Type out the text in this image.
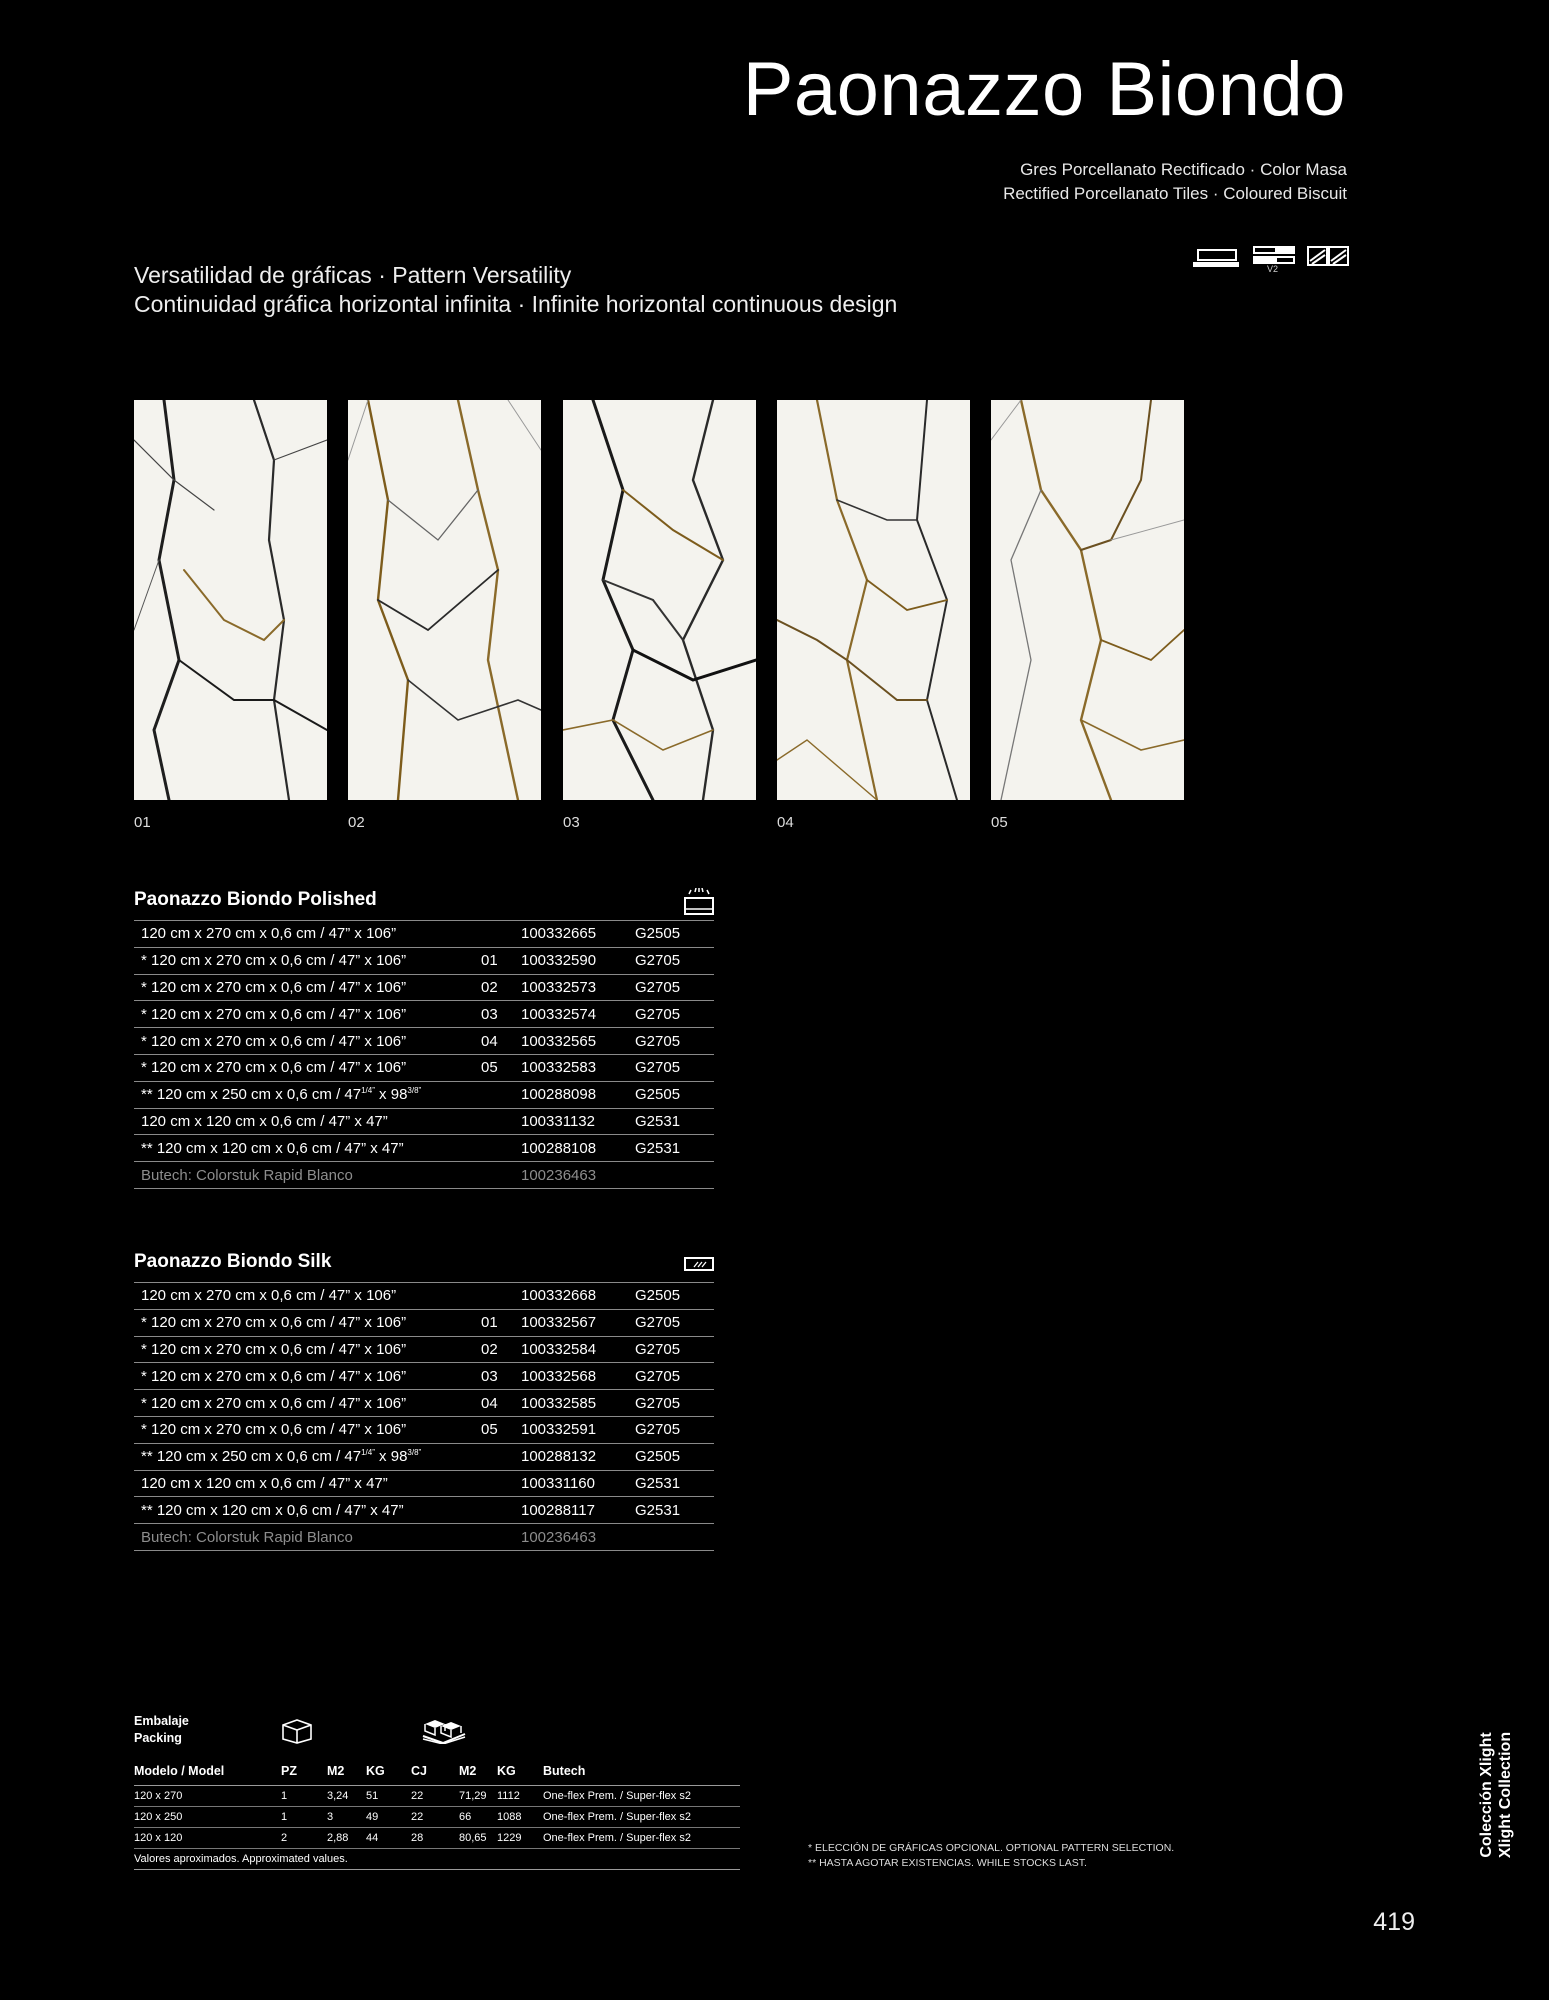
Paonazzo Biondo
Gres Porcellanato Rectificado · Color Masa
Rectified Porcellanato Tiles · Coloured Biscuit
V2
Versatilidad de gráficas · Pattern Versatility
Continuidad gráfica horizontal infinita · Infinite horizontal continuous design
01	02	03	04	05
Paonazzo Biondo Polished
120 cm x 270 cm x 0,6 cm / 47” x 106”		100332665	G2505
* 120 cm x 270 cm x 0,6 cm / 47” x 106”	01	100332590	G2705
* 120 cm x 270 cm x 0,6 cm / 47” x 106”	02	100332573	G2705
* 120 cm x 270 cm x 0,6 cm / 47” x 106”	03	100332574	G2705
* 120 cm x 270 cm x 0,6 cm / 47” x 106”	04	100332565	G2705
* 120 cm x 270 cm x 0,6 cm / 47” x 106”	05	100332583	G2705
** 120 cm x 250 cm x 0,6 cm / $47^{1/4”}$ x $98^{3/8”}$		100288098	G2505
120 cm x 120 cm x 0,6 cm / 47” x 47”		100331132	G2531
** 120 cm x 120 cm x 0,6 cm / 47” x 47”		100288108	G2531
Butech: Colorstuk Rapid Blanco		100236463	
Paonazzo Biondo Silk
120 cm x 270 cm x 0,6 cm / 47” x 106”		100332668	G2505
* 120 cm x 270 cm x 0,6 cm / 47” x 106”	01	100332567	G2705
* 120 cm x 270 cm x 0,6 cm / 47” x 106”	02	100332584	G2705
* 120 cm x 270 cm x 0,6 cm / 47” x 106”	03	100332568	G2705
* 120 cm x 270 cm x 0,6 cm / 47” x 106”	04	100332585	G2705
* 120 cm x 270 cm x 0,6 cm / 47” x 106”	05	100332591	G2705
** 120 cm x 250 cm x 0,6 cm / $47^{1/4”}$ x $98^{3/8”}$		100288132	G2505
120 cm x 120 cm x 0,6 cm / 47” x 47”		100331160	G2531
** 120 cm x 120 cm x 0,6 cm / 47” x 47”		100288117	G2531
Butech: Colorstuk Rapid Blanco		100236463	
Embalaje
Packing
Modelo / Model	PZ	M2	KG	CJ	M2	KG	Butech
120 x 270	1	3,24	51	22	71,29	1112	One-flex Prem. / Super-flex s2
120 x 250	1	3	49	22	66	1088	One-flex Prem. / Super-flex s2
120 x 120	2	2,88	44	28	80,65	1229	One-flex Prem. / Super-flex s2
Valores aproximados. Approximated values.							
* ELECCIÓN DE GRÁFICAS OPCIONAL. OPTIONAL PATTERN SELECTION.
** HASTA AGOTAR EXISTENCIAS. WHILE STOCKS LAST.
Colección Xlight Xlight Collection
419
